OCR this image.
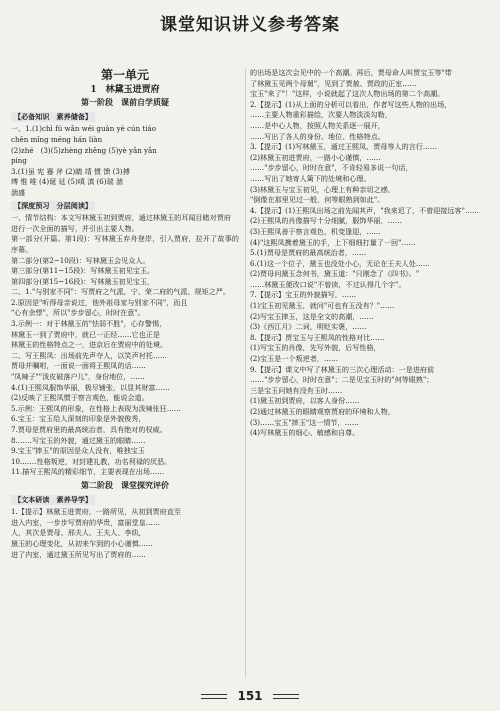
课堂知识讲义参考答案
第一单元
1　林黛玉进贾府
第一阶段　课前自学质疑
【必备知识　素养储备】

一、1.(1)chì fú wǎn wéi guàn yè cún tiáo

chěn mǐng méng hán liàn

(2)zhé　(3)(5)zhèng zhěng (5)yè yǎn yǎn

píng

3.(1)虽 宪 蹇 斧 (2)睛 靖 惯 馈 (3)搏

缚 惟 唯 (4)诞 延 (5)嗔 滇 (6)瑞 湍

湍盛

【深度预习　分层阅读】

一、情节结构：本文写林黛玉初到贾府，通过林黛玉的耳闻目睹对贾府

进行一次全面的描写，并引出主要人物。

第一部分(开篇。第1段)：写林黛玉弃舟登岸，引入贾府，拉开了故事的序幕。

第二部分(第2~10段)：写林黛玉会见众人。

第三部分(第11~15段)：写林黛玉初见宝玉。

第四部分(第15~16段)：写林黛玉初见宝玉，

二、1."与别家不同"：写贾府之气派，宁、荣二府的气派、规矩之严。

2.原因是"听得母亲说过，他外祖母家与别家不同"，而且

"心有余悸"，所以"步步留心，时时在意"。

3.示例一：对于林黛玉的"怯弱不胜"，心存警惕，

林黛玉一到了贾府中，就已一正经……它也正是

林黛玉的性格特点之一，进京后在贾府中的处境。

二、写王熙凤：出场前先声夺人，以笑声衬托……

贾母并嘱咐，一面说一面将王熙凤的话……

"凤辣子""泼皮破落户儿"，身份地位，……

4.(1)王熙凤服饰华丽，极尽铺张，以显其财富……

(2)反映了王熙凤惯于察言观色，能说会道。

5.示例：王熙凤的形象，在性格上表现为泼辣张狂……

6.宝玉：宝玉给人深刻的印象是外貌俊秀，

7.贾母是贾府里的最高统治者，具有绝对的权威。

8.……写宝玉的外貌，通过黛玉的眼睛……

9.宝玉"摔玉"的原因是众人没有，唯独宝玉

10.……性格叛逆，对封建礼教，功名利禄的厌恶。

11.描写王熙凤的精彩细节，主要表现在出场……

第二阶段　课堂探究评价
【文本研读　素养导学】

1.【提示】林黛玉进贾府，一路所见，从初到贾府直至

进入内室，一步步写贾府的华贵，富丽堂皇……

人，其次是贾母、邢夫人、王夫人、李纨，

黛玉的心理变化，从初来乍到的小心谨慎……

进了内室，通过黛玉所见写出了贾府的……

的出场是这次会见中的一个高潮。再后，贾母命人叫贾宝玉等"带

了林黛玉见两个母舅"，见到了贾赦、贾政的正室……

宝玉"来了"！"这样，小说就起了这次人物出场的第二个高潮。

2.【提示】(1)从上面的分析可以看出，作者写这些人物的出场，

……主要人物重彩描绘，次要人物淡淡勾勒，

……是中心人物，按照人物关系逐一展开，

……写出了各人的身份、地位、性格特点。

3.【提示】(1)写林黛玉，通过王熙凤、贾母等人的言行……

(2)林黛玉初进贾府，一路小心谨慎，……

……"步步留心，时时在意"，不肯轻易多说一句话，

……写出了她寄人篱下的处境和心理。

(3)林黛玉与宝玉初见，心理上有种亲切之感，

"倒像在那里见过一般，何等眼熟到如此"。

4.【提示】(1)王熙凤出场之前先闻其声，"我来迟了，不曾迎接远客"……

(2)王熙凤的肖像描写十分细腻，服饰华丽，……

(3)王熙凤善于察言观色，机变逢迎，……

(4)"这熙凤携着黛玉的手，上下细细打量了一回"……

5.(1)贾母是贾府的最高统治者，……

6.(1)这一个位子，黛玉也没处小心，无论在王夫人处……

(2)贾母问黛玉念何书，黛玉道："只刚念了《四书》。"

……林黛玉便改口说"不曾读，不过认得几个字"。

7.【提示】宝玉的外貌描写，……

(1)宝玉初见黛玉，就问"可也有玉没有？"……

(2)写宝玉摔玉，这是全文的高潮，……

(3)《西江月》二词，明贬实褒，……

8.【提示】贾宝玉与王熙凤的性格对比……

(1)写宝玉的肖像，先写外貌，后写性格，

(2)宝玉是一个叛逆者，……

9.【提示】课文中写了林黛玉的三次心理活动：一是进府前

……"步步留心，时时在意"；二是见宝玉时的"何等眼熟"；

三是宝玉问她有没有玉时……

(1)黛玉初到贾府，以客人身份……

(2)通过林黛玉的眼睛观察贾府的环境和人物，

(3)……宝玉"摔玉"这一情节，……

(4)写林黛玉的细心、敏感和自尊。

151
